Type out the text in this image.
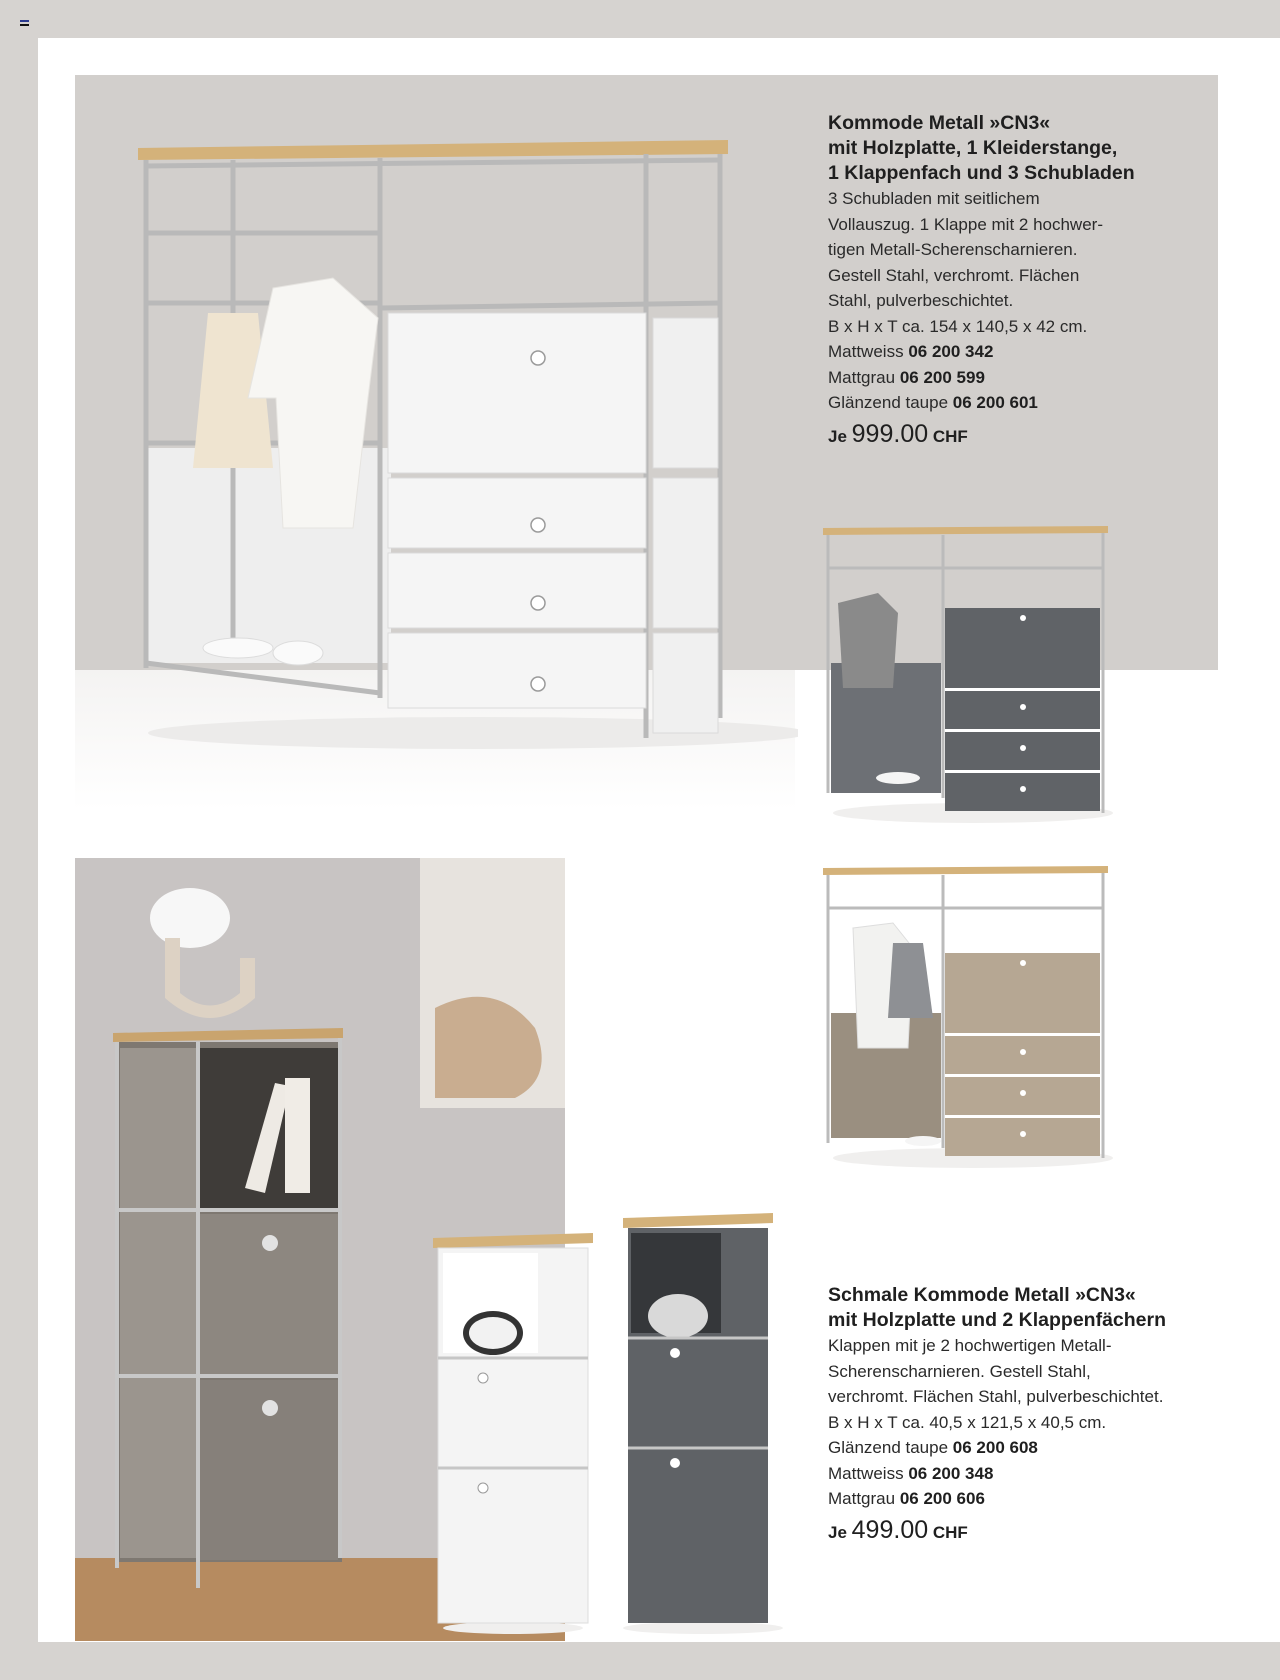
Kommode Metall »CN3«
mit Holzplatte, 1 Kleiderstange,
1 Klappenfach und 3 Schubladen
3 Schubladen mit seitlichem
Vollauszug. 1 Klappe mit 2 hochwer-
tigen Metall-Scherenscharnieren.
Gestell Stahl, verchromt. Flächen
Stahl, pulverbeschichtet.
B x H x T ca. 154 x 140,5 x 42 cm.
Mattweiss 06 200 342
Mattgrau 06 200 599
Glänzend taupe 06 200 601
Je 999.00 CHF
Schmale Kommode Metall »CN3«
mit Holzplatte und 2 Klappenfächern
Klappen mit je 2 hochwertigen Metall-
Scherenscharnieren. Gestell Stahl,
verchromt. Flächen Stahl, pulverbeschichtet.
B x H x T ca. 40,5 x 121,5 x 40,5 cm.
Glänzend taupe 06 200 608
Mattweiss 06 200 348
Mattgrau 06 200 606
Je 499.00 CHF
